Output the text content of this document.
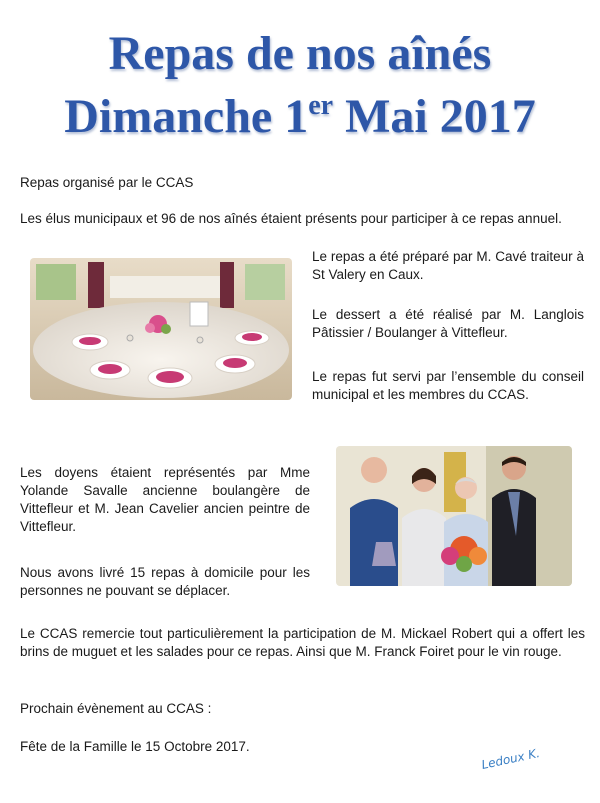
Repas de nos aînés
Dimanche 1er Mai 2017

Repas organisé par le CCAS

Les élus municipaux et 96 de nos aînés étaient présents pour participer à ce repas annuel.

Le repas a été préparé par M. Cavé traiteur à St Valery en Caux.

Le dessert a été réalisé par M. Langlois Pâtissier / Boulanger à Vittefleur.

Le repas fut servi par l’ensemble du conseil municipal et les membres du CCAS.

Les doyens étaient représentés par Mme Yolande Savalle ancienne boulangère de Vittefleur et M. Jean Cavelier ancien peintre de Vittefleur.

Nous avons livré 15 repas à domicile pour les personnes ne pouvant se déplacer.

Le CCAS remercie tout particulièrement la participation de M. Mickael Robert qui a offert les brins de muguet et les salades pour ce repas. Ainsi que M. Franck Foiret pour le vin rouge.

Prochain évènement au CCAS :

Fête de la Famille le 15 Octobre 2017.	Ledoux K.
